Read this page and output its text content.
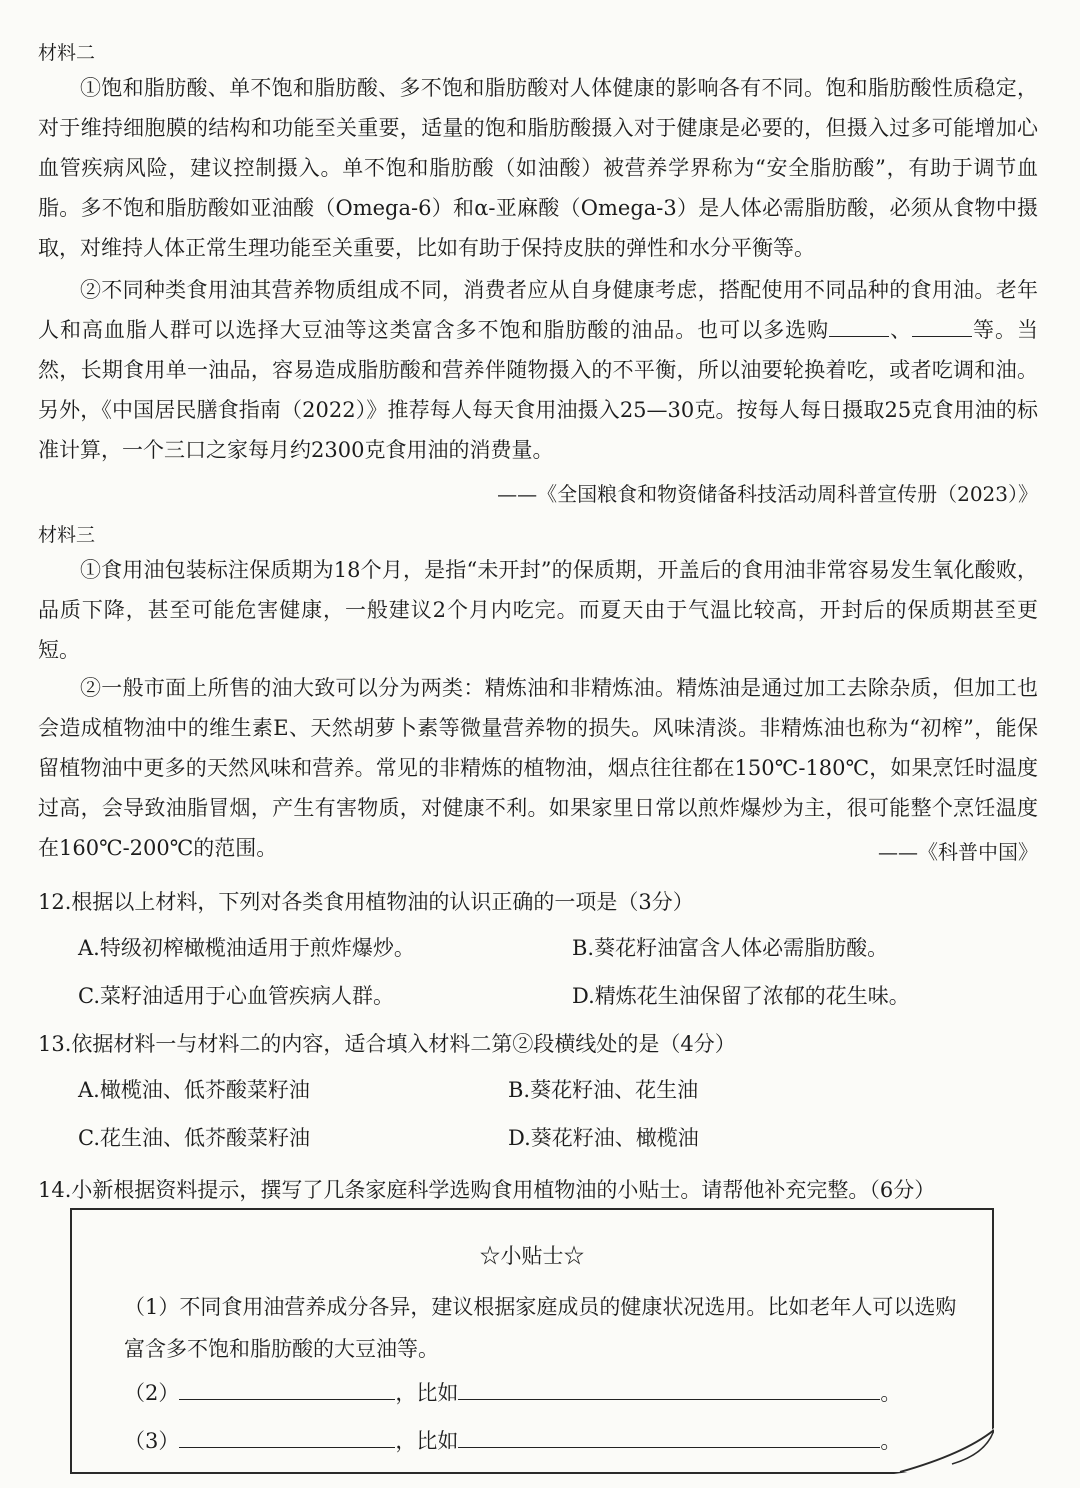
材料二

①饱和脂肪酸、单不饱和脂肪酸、多不饱和脂肪酸对人体健康的影响各有不同。饱和脂肪酸性质稳定，对于维持细胞膜的结构和功能至关重要，适量的饱和脂肪酸摄入对于健康是必要的，但摄入过多可能增加心血管疾病风险，建议控制摄入。单不饱和脂肪酸（如油酸）被营养学界称为“安全脂肪酸”，有助于调节血脂。多不饱和脂肪酸如亚油酸（Omega-6）和α-亚麻酸（Omega-3）是人体必需脂肪酸，必须从食物中摄取，对维持人体正常生理功能至关重要，比如有助于保持皮肤的弹性和水分平衡等。

②不同种类食用油其营养物质组成不同，消费者应从自身健康考虑，搭配使用不同品种的食用油。老年人和高血脂人群可以选择大豆油等这类富含多不饱和脂肪酸的油品。也可以多选购	、	等。当然，长期食用单一油品，容易造成脂肪酸和营养伴随物摄入的不平衡，所以油要轮换着吃，或者吃调和油。另外，《中国居民膳食指南（2022）》推荐每人每天食用油摄入25—30克。按每人每日摄取25克食用油的标准计算，一个三口之家每月约2300克食用油的消费量。

——《全国粮食和物资储备科技活动周科普宣传册（2023）》
材料三

①食用油包装标注保质期为18个月，是指“未开封”的保质期，开盖后的食用油非常容易发生氧化酸败，品质下降，甚至可能危害健康，一般建议2个月内吃完。而夏天由于气温比较高，开封后的保质期甚至更短。

②一般市面上所售的油大致可以分为两类：精炼油和非精炼油。精炼油是通过加工去除杂质，但加工也会造成植物油中的维生素E、天然胡萝卜素等微量营养物的损失。风味清淡。非精炼油也称为“初榨”，能保留植物油中更多的天然风味和营养。常见的非精炼的植物油，烟点往往都在150℃-180℃，如果烹饪时温度过高，会导致油脂冒烟，产生有害物质，对健康不利。如果家里日常以煎炸爆炒为主，很可能整个烹饪温度在160℃-200℃的范围。	——《科普中国》
12.根据以上材料，下列对各类食用植物油的认识正确的一项是（3分）
A.特级初榨橄榄油适用于煎炸爆炒。	B.葵花籽油富含人体必需脂肪酸。
C.菜籽油适用于心血管疾病人群。	D.精炼花生油保留了浓郁的花生味。
13.依据材料一与材料二的内容，适合填入材料二第②段横线处的是（4分）
A.橄榄油、低芥酸菜籽油	B.葵花籽油、花生油
C.花生油、低芥酸菜籽油	D.葵花籽油、橄榄油
14.小新根据资料提示，撰写了几条家庭科学选购食用植物油的小贴士。请帮他补充完整。（6分）
☆小贴士☆
（1）不同食用油营养成分各异，建议根据家庭成员的健康状况选用。比如老年人可以选购富含多不饱和脂肪酸的大豆油等。
（2）	，比如	。
（3）	，比如	。
